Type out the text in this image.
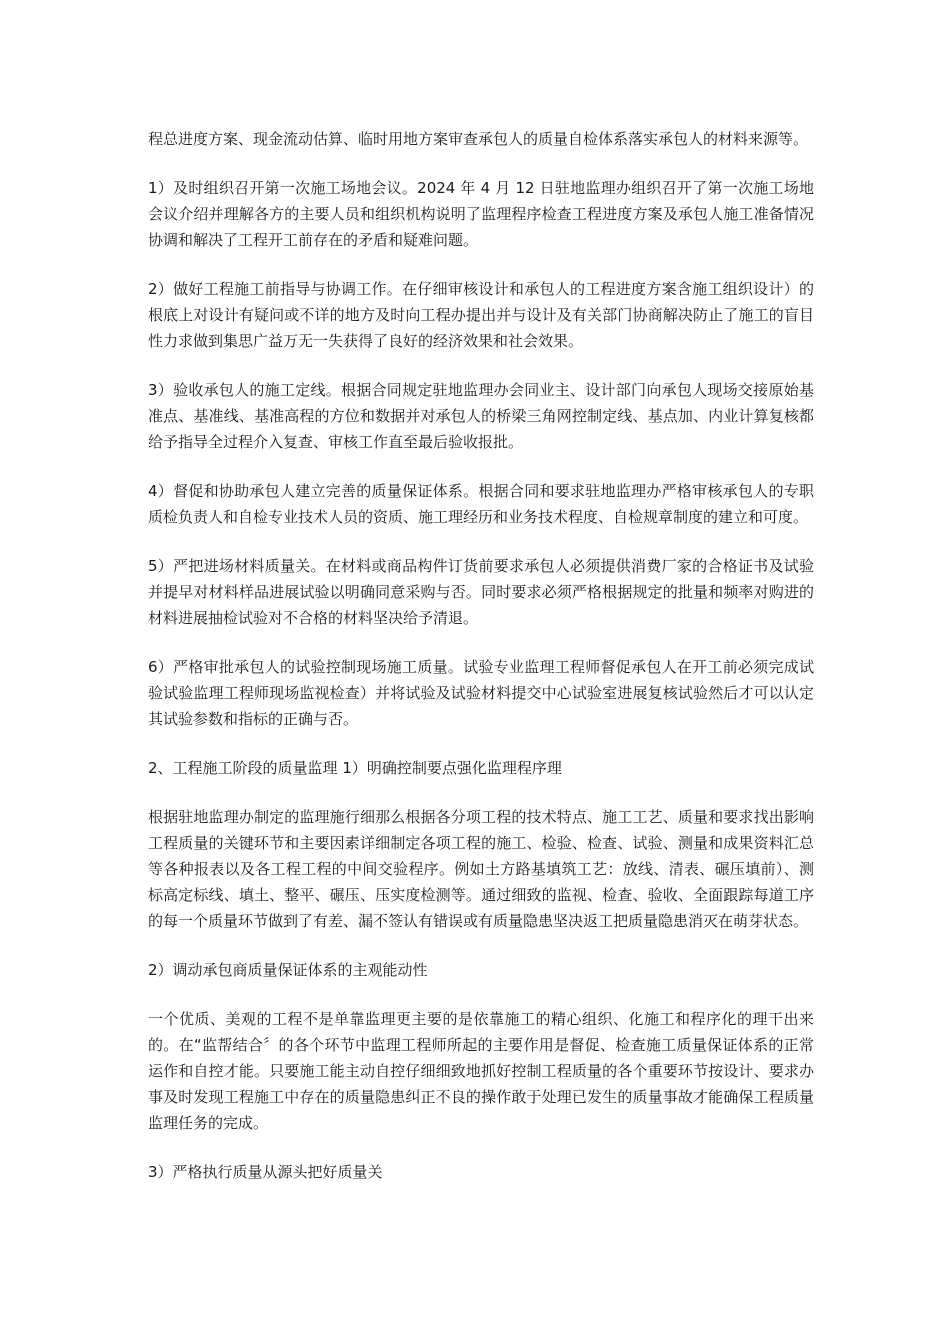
程总进度方案、现金流动估算、临时用地方案审查承包人的质量自检体系落实承包人的材料来源等。

1）及时组织召开第一次施工场地会议。2024 年 4 月 12 日驻地监理办组织召开了第一次施工场地会议介绍并理解各方的主要人员和组织机构说明了监理程序检查工程进度方案及承包人施工准备情况协调和解决了工程开工前存在的矛盾和疑难问题。

2）做好工程施工前指导与协调工作。在仔细审核设计和承包人的工程进度方案含施工组织设计）的根底上对设计有疑问或不详的地方及时向工程办提出并与设计及有关部门协商解决防止了施工的盲目性力求做到集思广益万无一失获得了良好的经济效果和社会效果。

3）验收承包人的施工定线。根据合同规定驻地监理办会同业主、设计部门向承包人现场交接原始基准点、基准线、基准高程的方位和数据并对承包人的桥梁三角网控制定线、基点加、内业计算复核都给予指导全过程介入复查、审核工作直至最后验收报批。

4）督促和协助承包人建立完善的质量保证体系。根据合同和要求驻地监理办严格审核承包人的专职质检负责人和自检专业技术人员的资质、施工理经历和业务技术程度、自检规章制度的建立和可度。

5）严把进场材料质量关。在材料或商品构件订货前要求承包人必须提供消费厂家的合格证书及试验并提早对材料样品进展试验以明确同意采购与否。同时要求必须严格根据规定的批量和频率对购进的材料进展抽检试验对不合格的材料坚决给予清退。

6）严格审批承包人的试验控制现场施工质量。试验专业监理工程师督促承包人在开工前必须完成试验试验监理工程师现场监视检查）并将试验及试验材料提交中心试验室进展复核试验然后才可以认定其试验参数和指标的正确与否。

2、工程施工阶段的质量监理 1）明确控制要点强化监理程序理

根据驻地监理办制定的监理施行细那么根据各分项工程的技术特点、施工工艺、质量和要求找出影响工程质量的关键环节和主要因素详细制定各项工程的施工、检验、检查、试验、测量和成果资料汇总等各种报表以及各工程工程的中间交验程序。例如土方路基填筑工艺：放线、清表、碾压填前）、测标高定标线、填土、整平、碾压、压实度检测等。通过细致的监视、检查、验收、全面跟踪每道工序的每一个质量环节做到了有差、漏不签认有错误或有质量隐患坚决返工把质量隐患消灭在萌芽状态。

2）调动承包商质量保证体系的主观能动性

一个优质、美观的工程不是单靠监理更主要的是依靠施工的精心组织、化施工和程序化的理干出来的。在“监帮结合〞的各个环节中监理工程师所起的主要作用是督促、检查施工质量保证体系的正常运作和自控才能。只要施工能主动自控仔细细致地抓好控制工程质量的各个重要环节按设计、要求办事及时发现工程施工中存在的质量隐患纠正不良的操作敢于处理已发生的质量事故才能确保工程质量监理任务的完成。

3）严格执行质量从源头把好质量关
